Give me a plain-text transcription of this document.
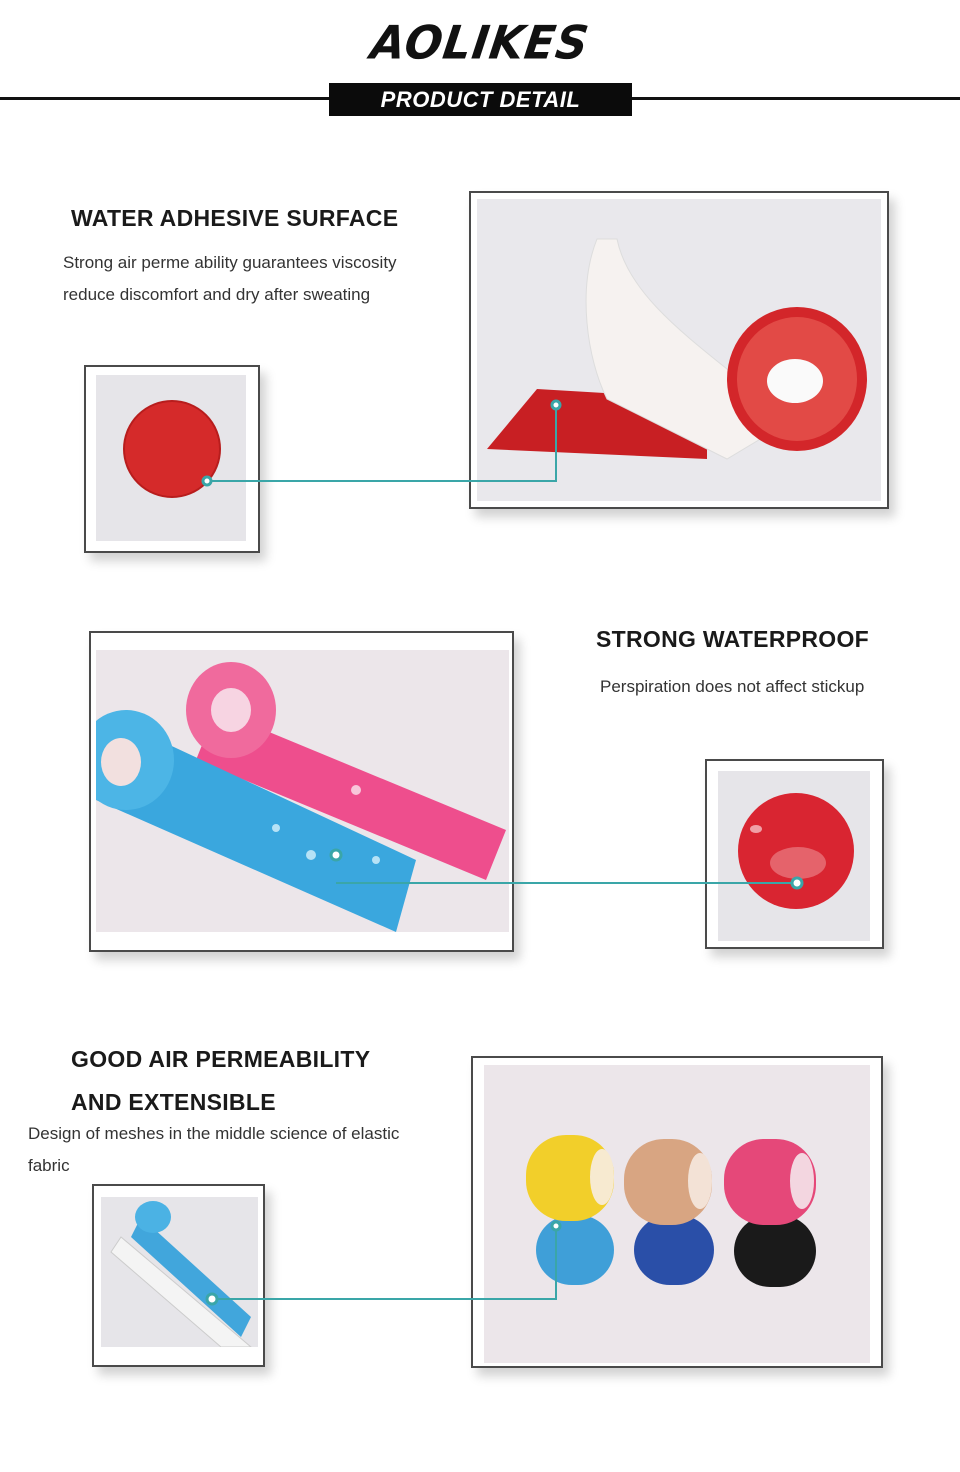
AOLIKES
PRODUCT DETAIL
WATER ADHESIVE SURFACE
Strong air perme ability guarantees viscosity
reduce discomfort and dry after sweating
STRONG WATERPROOF
Perspiration does not affect stickup
GOOD AIR PERMEABILITY
AND EXTENSIBLE
Design of meshes in the middle science of elastic
fabric
